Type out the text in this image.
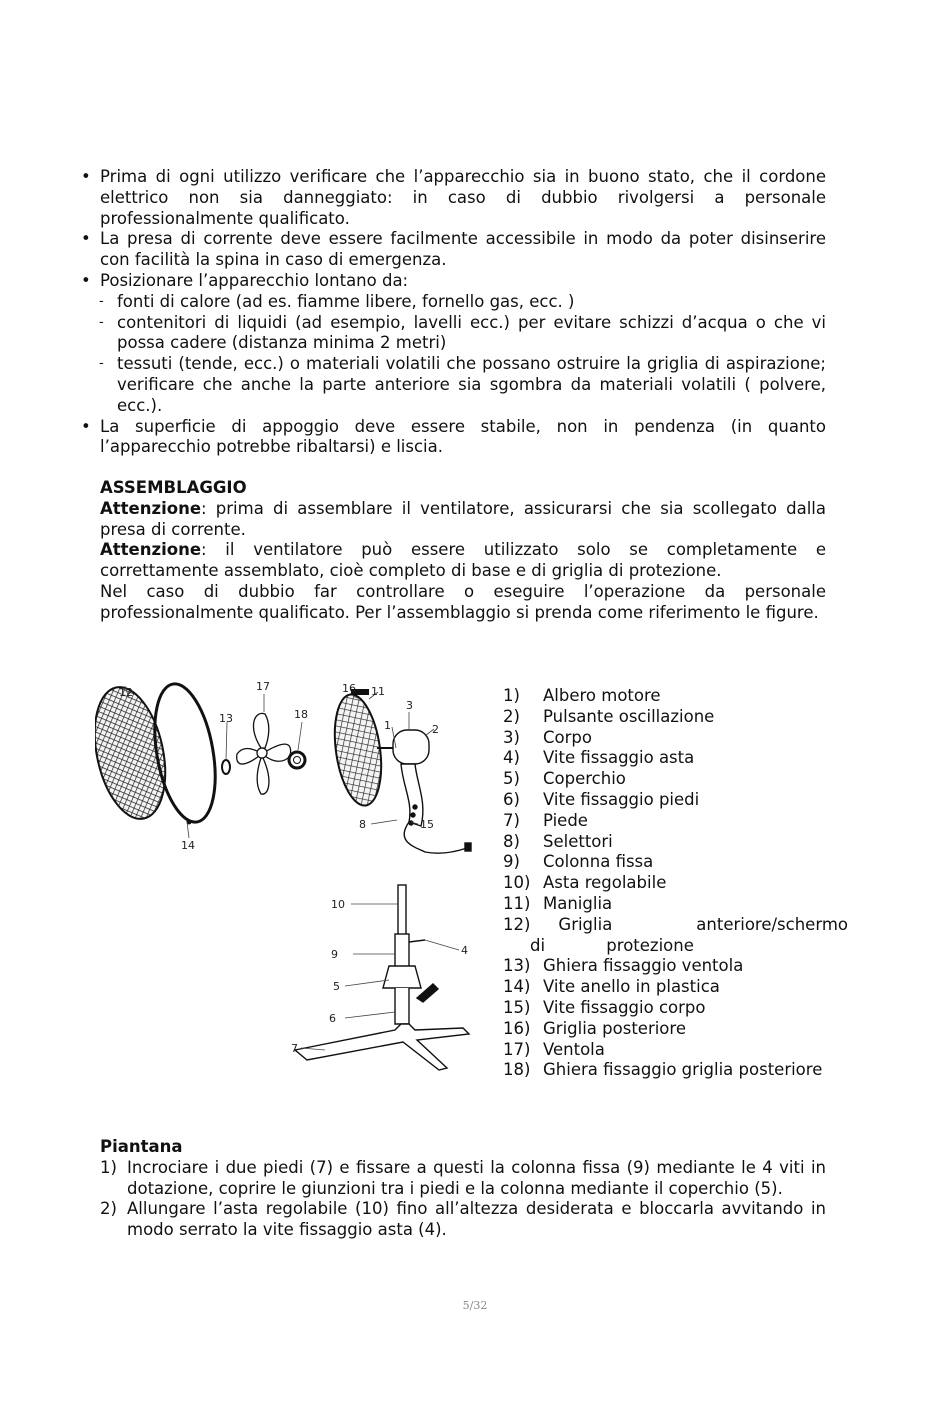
• Prima di ogni utilizzo verificare che l’apparecchio sia in buono stato, che il cordone elettrico non sia danneggiato: in caso di dubbio rivolgersi a personale professionalmente qualificato.
• La presa di corrente deve essere facilmente accessibile in modo da poter disinserire con facilità la spina in caso di emergenza.
• Posizionare l’apparecchio lontano da:
- fonti di calore (ad es. fiamme libere, fornello gas, ecc. )
- contenitori di liquidi (ad esempio, lavelli ecc.) per evitare schizzi d’acqua o che vi possa cadere (distanza minima 2 metri)
- tessuti (tende, ecc.) o materiali volatili che possano ostruire la griglia di aspirazione; verificare che anche la parte anteriore sia sgombra da materiali volatili ( polvere, ecc.).
• La superficie di appoggio deve essere stabile, non in pendenza (in quanto l’apparecchio potrebbe ribaltarsi) e liscia.
ASSEMBLAGGIO
Attenzione: prima di assemblare il ventilatore, assicurarsi che sia scollegato dalla presa di corrente.
Attenzione: il ventilatore può essere utilizzato solo se completamente e correttamente assemblato, cioè completo di base e di griglia di protezione.
Nel caso di dubbio far controllare o eseguire l’operazione da personale professionalmente qualificato. Per l’assemblaggio si prenda come riferimento le figure.
12
14
13
17
18
16 11
1
3
2
8	15
10
9	4
5
6
7
1) Albero motore
2) Pulsante oscillazione
3) Corpo
4) Vite fissaggio asta
5) Coperchio
6) Vite fissaggio piedi
7) Piede
8) Selettori
9) Colonna fissa
10) Asta regolabile
11) Maniglia
12) Griglia anteriore/schermo di protezione
13) Ghiera fissaggio ventola
14) Vite anello in plastica
15) Vite fissaggio corpo
16) Griglia posteriore
17) Ventola
18) Ghiera fissaggio griglia posteriore
Piantana
1) Incrociare i due piedi (7) e fissare a questi la colonna fissa (9) mediante le 4 viti in dotazione, coprire le giunzioni tra i piedi e la colonna mediante il coperchio (5).
2) Allungare l’asta regolabile (10) fino all’altezza desiderata e bloccarla avvitando in modo serrato la vite fissaggio asta (4).
5/32
